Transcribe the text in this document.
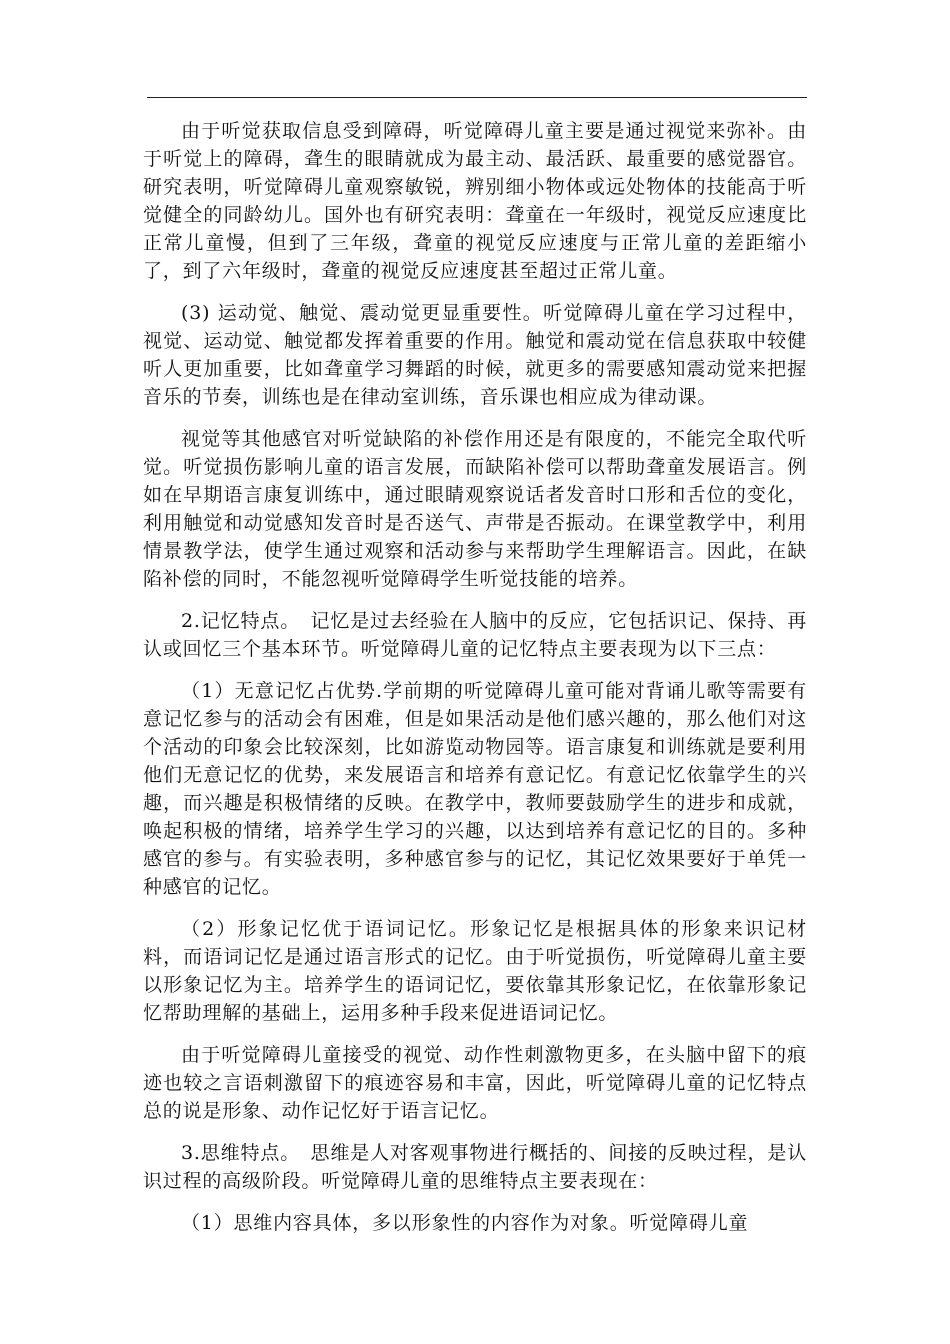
由于听觉获取信息受到障碍，听觉障碍儿童主要是通过视觉来弥补。由于听觉上的障碍，聋生的眼睛就成为最主动、最活跃、最重要的感觉器官。研究表明，听觉障碍儿童观察敏锐，辨别细小物体或远处物体的技能高于听觉健全的同龄幼儿。国外也有研究表明：聋童在一年级时，视觉反应速度比正常儿童慢，但到了三年级，聋童的视觉反应速度与正常儿童的差距缩小了，到了六年级时，聋童的视觉反应速度甚至超过正常儿童。

(3) 运动觉、触觉、震动觉更显重要性。听觉障碍儿童在学习过程中，视觉、运动觉、触觉都发挥着重要的作用。触觉和震动觉在信息获取中较健听人更加重要，比如聋童学习舞蹈的时候，就更多的需要感知震动觉来把握音乐的节奏，训练也是在律动室训练，音乐课也相应成为律动课。

视觉等其他感官对听觉缺陷的补偿作用还是有限度的，不能完全取代听觉。听觉损伤影响儿童的语言发展，而缺陷补偿可以帮助聋童发展语言。例如在早期语言康复训练中，通过眼睛观察说话者发音时口形和舌位的变化，利用触觉和动觉感知发音时是否送气、声带是否振动。在课堂教学中，利用情景教学法，使学生通过观察和活动参与来帮助学生理解语言。因此，在缺陷补偿的同时，不能忽视听觉障碍学生听觉技能的培养。

2.记忆特点。　记忆是过去经验在人脑中的反应，它包括识记、保持、再认或回忆三个基本环节。听觉障碍儿童的记忆特点主要表现为以下三点：

（1）无意记忆占优势.学前期的听觉障碍儿童可能对背诵儿歌等需要有意记忆参与的活动会有困难，但是如果活动是他们感兴趣的，那么他们对这个活动的印象会比较深刻，比如游览动物园等。语言康复和训练就是要利用他们无意记忆的优势，来发展语言和培养有意记忆。有意记忆依靠学生的兴趣，而兴趣是积极情绪的反映。在教学中，教师要鼓励学生的进步和成就，唤起积极的情绪，培养学生学习的兴趣，以达到培养有意记忆的目的。多种感官的参与。有实验表明，多种感官参与的记忆，其记忆效果要好于单凭一种感官的记忆。

（2）形象记忆优于语词记忆。形象记忆是根据具体的形象来识记材料，而语词记忆是通过语言形式的记忆。由于听觉损伤，听觉障碍儿童主要以形象记忆为主。培养学生的语词记忆，要依靠其形象记忆，在依靠形象记忆帮助理解的基础上，运用多种手段来促进语词记忆。

由于听觉障碍儿童接受的视觉、动作性刺激物更多，在头脑中留下的痕迹也较之言语刺激留下的痕迹容易和丰富，因此，听觉障碍儿童的记忆特点总的说是形象、动作记忆好于语言记忆。

3.思维特点。　思维是人对客观事物进行概括的、间接的反映过程，是认识过程的高级阶段。听觉障碍儿童的思维特点主要表现在：

（1）思维内容具体，多以形象性的内容作为对象。听觉障碍儿童
